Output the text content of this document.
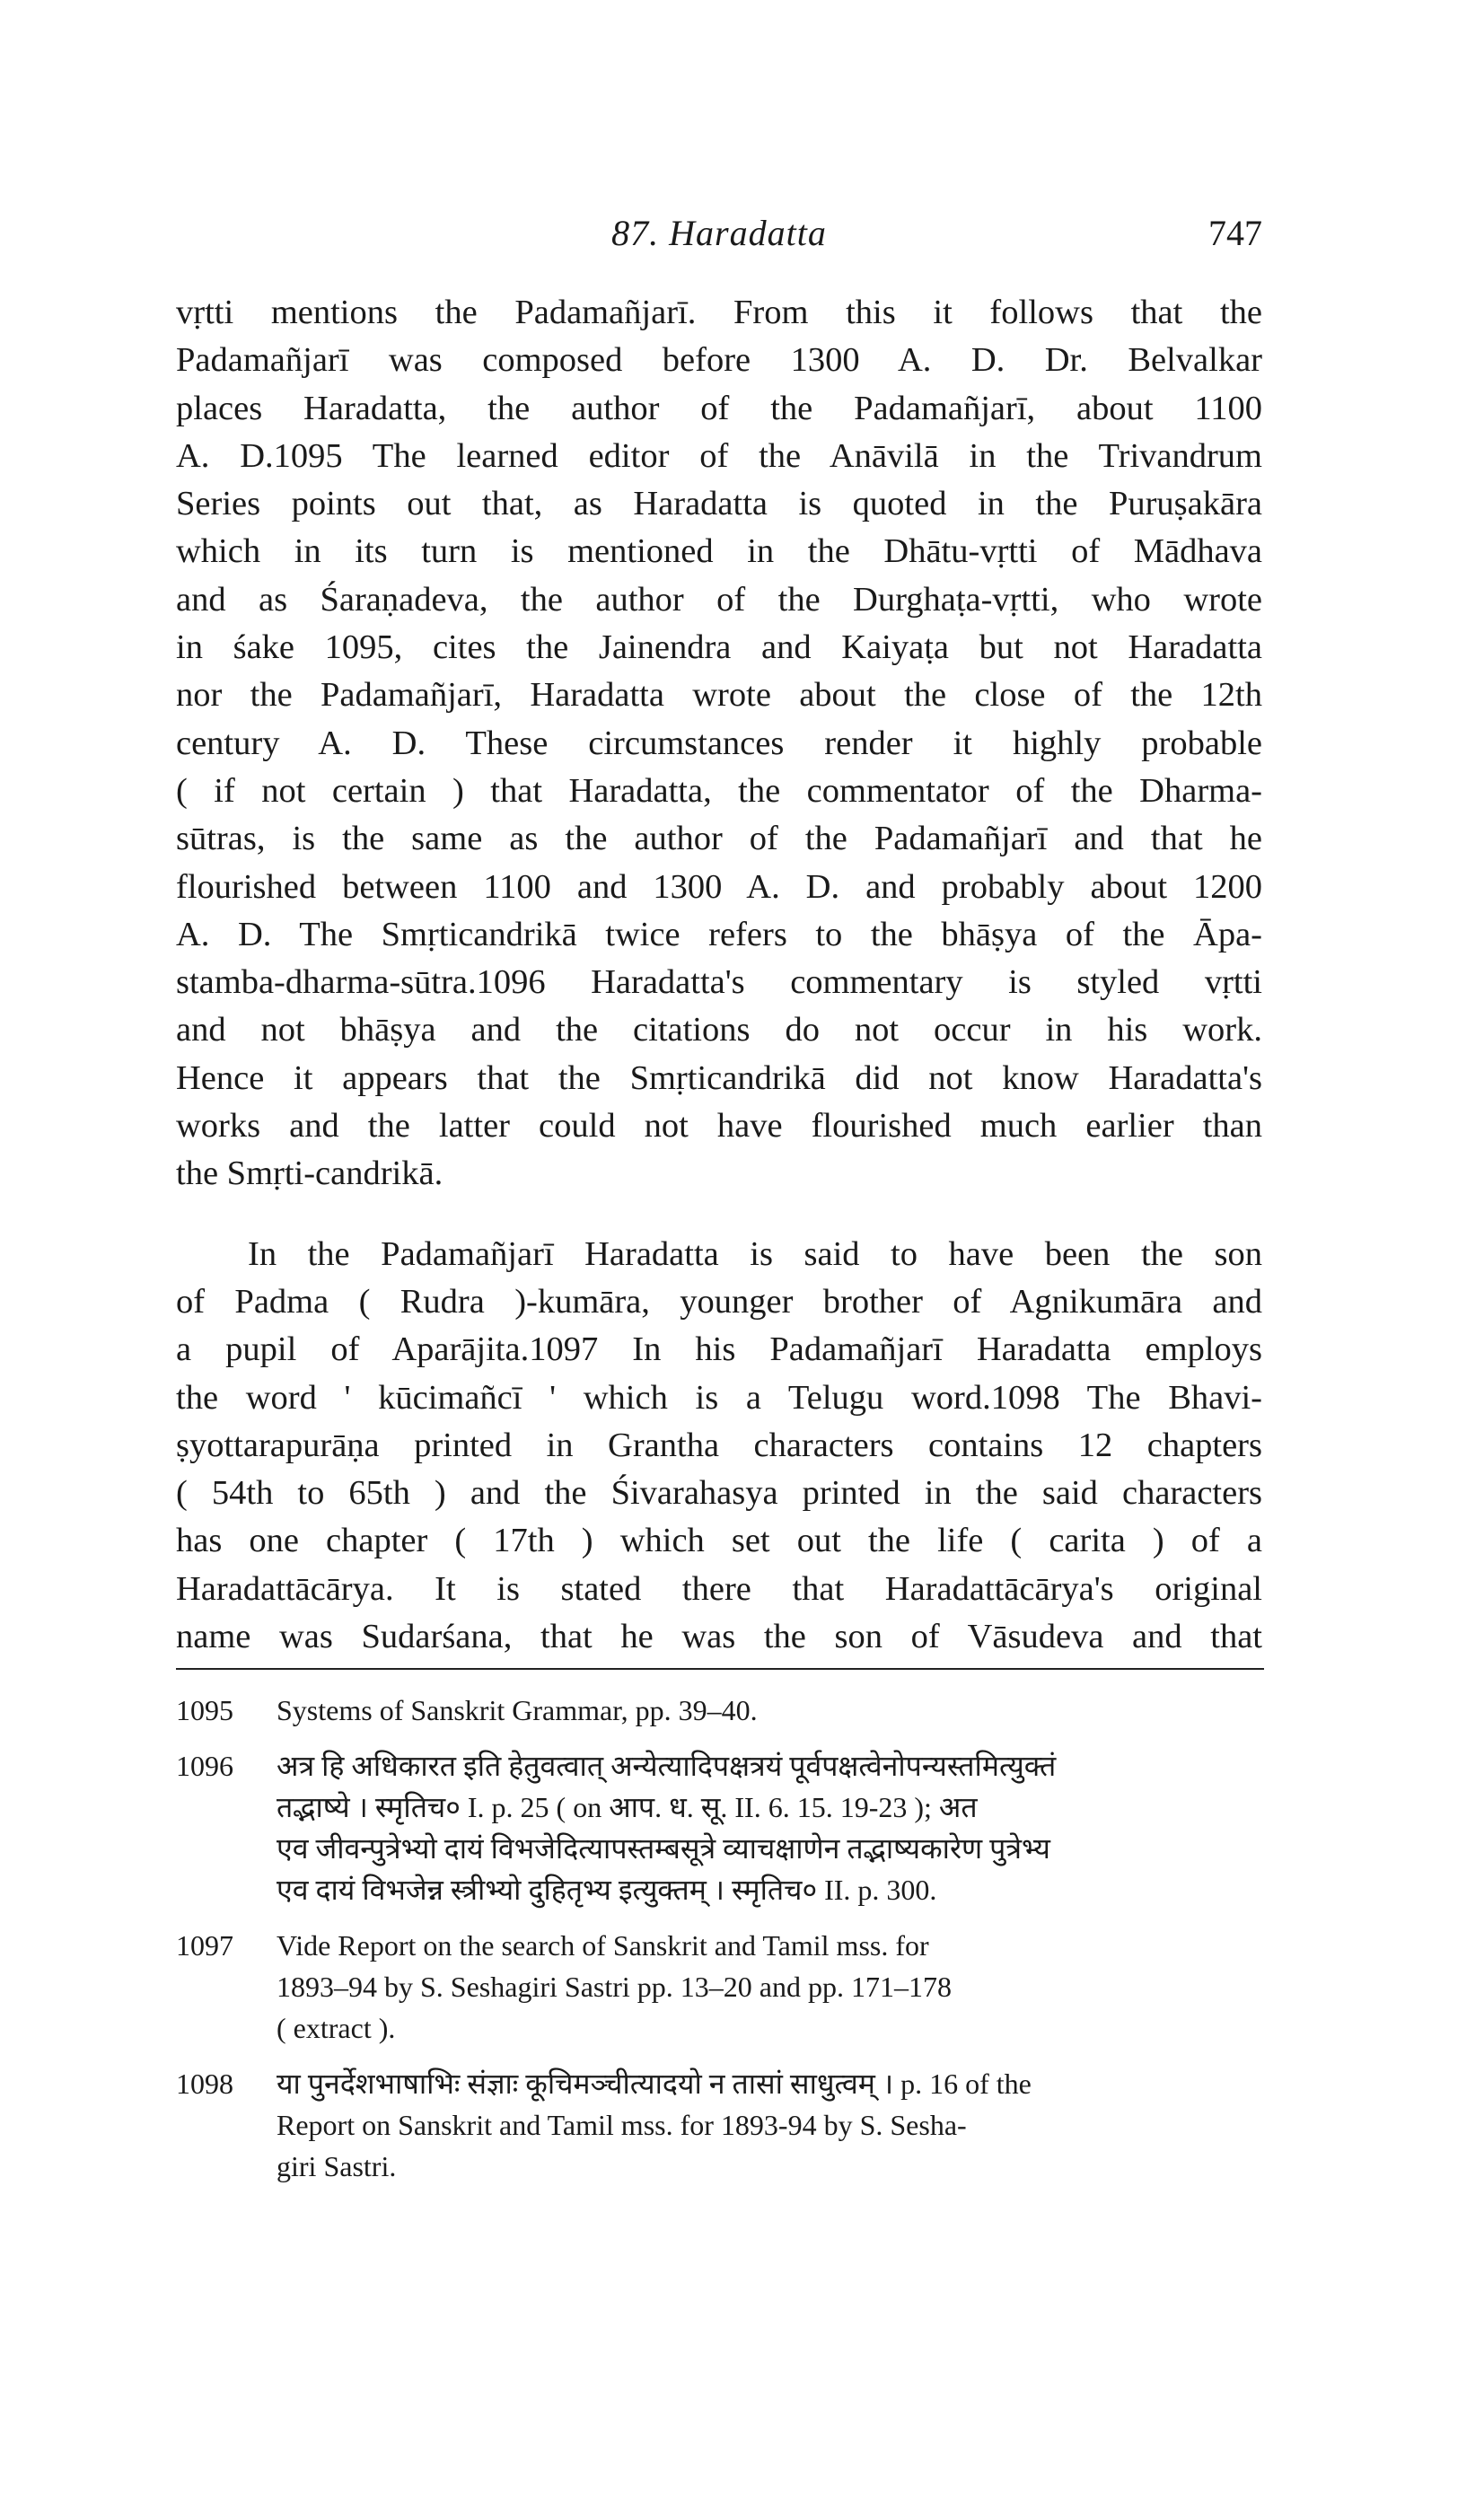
87. Haradatta	747
vṛtti mentions the Padamañjarī. From this it follows that the
Padamañjarī was composed before 1300 A. D. Dr. Belvalkar
places Haradatta, the author of the Padamañjarī, about 1100
A. D.1095 The learned editor of the Anāvilā in the Trivandrum
Series points out that, as Haradatta is quoted in the Puruṣakāra
which in its turn is mentioned in the Dhātu-vṛtti of Mādhava
and as Śaraṇadeva, the author of the Durghaṭa-vṛtti, who wrote
in śake 1095, cites the Jainendra and Kaiyaṭa but not Haradatta
nor the Padamañjarī, Haradatta wrote about the close of the 12th
century A. D. These circumstances render it highly probable
( if not certain ) that Haradatta, the commentator of the Dharma-
sūtras, is the same as the author of the Padamañjarī and that he
flourished between 1100 and 1300 A. D. and probably about 1200
A. D. The Smṛticandrikā twice refers to the bhāṣya of the Āpa-
stamba-dharma-sūtra.1096 Haradatta's commentary is styled vṛtti
and not bhāṣya and the citations do not occur in his work.
Hence it appears that the Smṛticandrikā did not know Haradatta's
works and the latter could not have flourished much earlier than
the Smṛti-candrikā.
In the Padamañjarī Haradatta is said to have been the son
of Padma ( Rudra )-kumāra, younger brother of Agnikumāra and
a pupil of Aparājita.1097 In his Padamañjarī Haradatta employs
the word ' kūcimañcī ' which is a Telugu word.1098 The Bhavi-
ṣyottarapurāṇa printed in Grantha characters contains 12 chapters
( 54th to 65th ) and the Śivarahasya printed in the said characters
has one chapter ( 17th ) which set out the life ( carita ) of a
Haradattācārya. It is stated there that Haradattācārya's original
name was Sudarśana, that he was the son of Vāsudeva and that
1095 Systems of Sanskrit Grammar, pp. 39–40.
1096 अत्र हि अधिकारत इति हेतुवत्वात् अन्येत्यादिपक्षत्रयं पूर्वपक्षत्वेनोपन्यस्तमित्युक्तं
तद्भाष्ये । स्मृतिच० I. p. 25 ( on आप. ध. सू. II. 6. 15. 19-23 ); अत
एव जीवन्पुत्रेभ्यो दायं विभजेदित्यापस्तम्बसूत्रे व्याचक्षाणेन तद्भाष्यकारेण पुत्रेभ्य
एव दायं विभजेन्न स्त्रीभ्यो दुहितृभ्य इत्युक्तम् । स्मृतिच० II. p. 300.
1097 Vide Report on the search of Sanskrit and Tamil mss. for
1893–94 by S. Seshagiri Sastri pp. 13–20 and pp. 171–178
( extract ).
1098 या पुनर्देशभाषाभिः संज्ञाः कूचिमञ्चीत्यादयो न तासां साधुत्वम् । p. 16 of the
Report on Sanskrit and Tamil mss. for 1893-94 by S. Sesha-
giri Sastri.
